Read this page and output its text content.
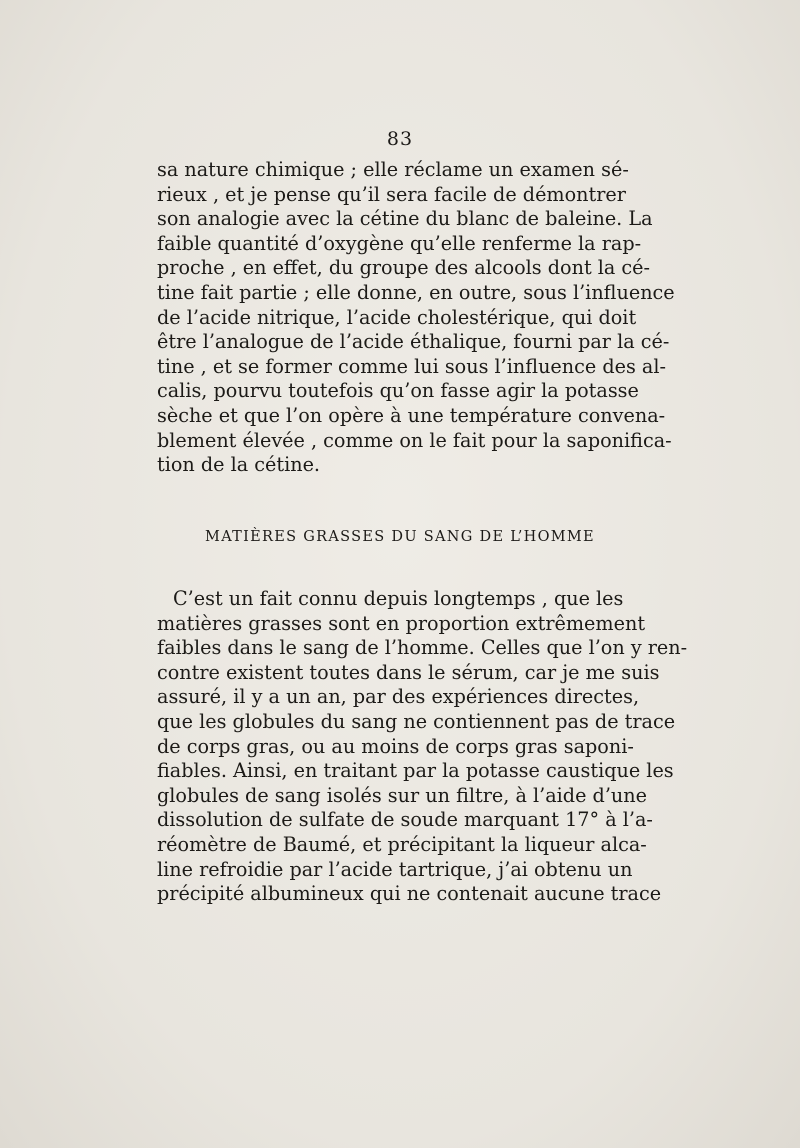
83
sa nature chimique ; elle réclame un examen sé-
rieux , et je pense qu’il sera facile de démontrer
son analogie avec la cétine du blanc de baleine. La
faible quantité d’oxygène qu’elle renferme la rap-
proche , en effet, du groupe des alcools dont la cé-
tine fait partie ; elle donne, en outre, sous l’influence
de l’acide nitrique, l’acide cholestérique, qui doit
être l’analogue de l’acide éthalique, fourni par la cé-
tine , et se former comme lui sous l’influence des al-
calis, pourvu toutefois qu’on fasse agir la potasse
sèche et que l’on opère à une température convena-
blement élevée , comme on le fait pour la saponifica-
tion de la cétine.
MATIÈRES GRASSES DU SANG DE L’HOMME
C’est un fait connu depuis longtemps , que les
matières grasses sont en proportion extrêmement
faibles dans le sang de l’homme. Celles que l’on y ren-
contre existent toutes dans le sérum, car je me suis
assuré, il y a un an, par des expériences directes,
que les globules du sang ne contiennent pas de trace
de corps gras, ou au moins de corps gras saponi-
fiables. Ainsi, en traitant par la potasse caustique les
globules de sang isolés sur un filtre, à l’aide d’une
dissolution de sulfate de soude marquant 17° à l’a-
réomètre de Baumé, et précipitant la liqueur alca-
line refroidie par l’acide tartrique, j’ai obtenu un
précipité albumineux qui ne contenait aucune trace
